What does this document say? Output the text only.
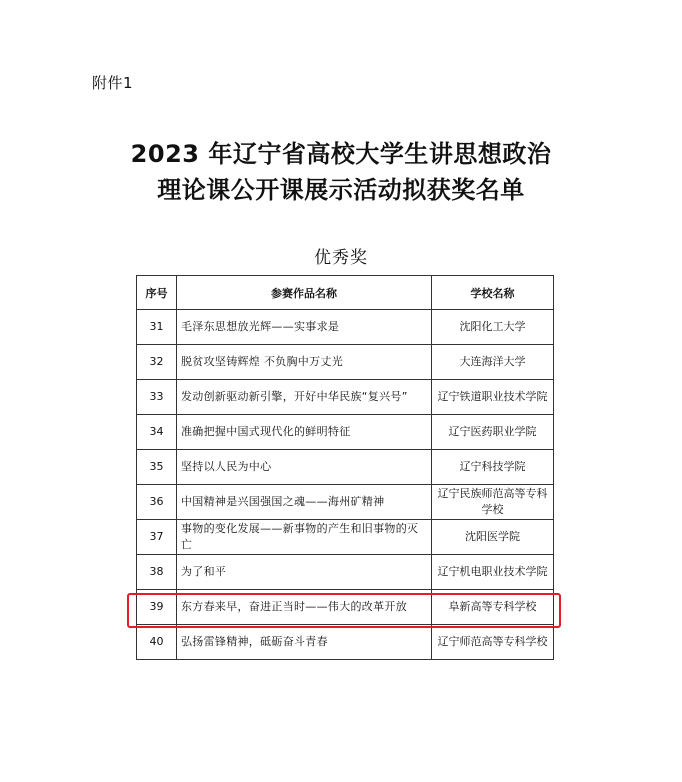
附件1
2023 年辽宁省高校大学生讲思想政治
理论课公开课展示活动拟获奖名单
优秀奖
序号	参赛作品名称	学校名称
31	毛泽东思想放光辉——实事求是	沈阳化工大学
32	脱贫攻坚铸辉煌 不负胸中万丈光	大连海洋大学
33	发动创新驱动新引擎，开好中华民族“复兴号”	辽宁铁道职业技术学院
34	准确把握中国式现代化的鲜明特征	辽宁医药职业学院
35	坚持以人民为中心	辽宁科技学院
36	中国精神是兴国强国之魂——海州矿精神	辽宁民族师范高等专科学校
37	事物的变化发展——新事物的产生和旧事物的灭亡	沈阳医学院
38	为了和平	辽宁机电职业技术学院
39	东方春来早，奋进正当时——伟大的改革开放	阜新高等专科学校
40	弘扬雷锋精神，砥砺奋斗青春	辽宁师范高等专科学校
